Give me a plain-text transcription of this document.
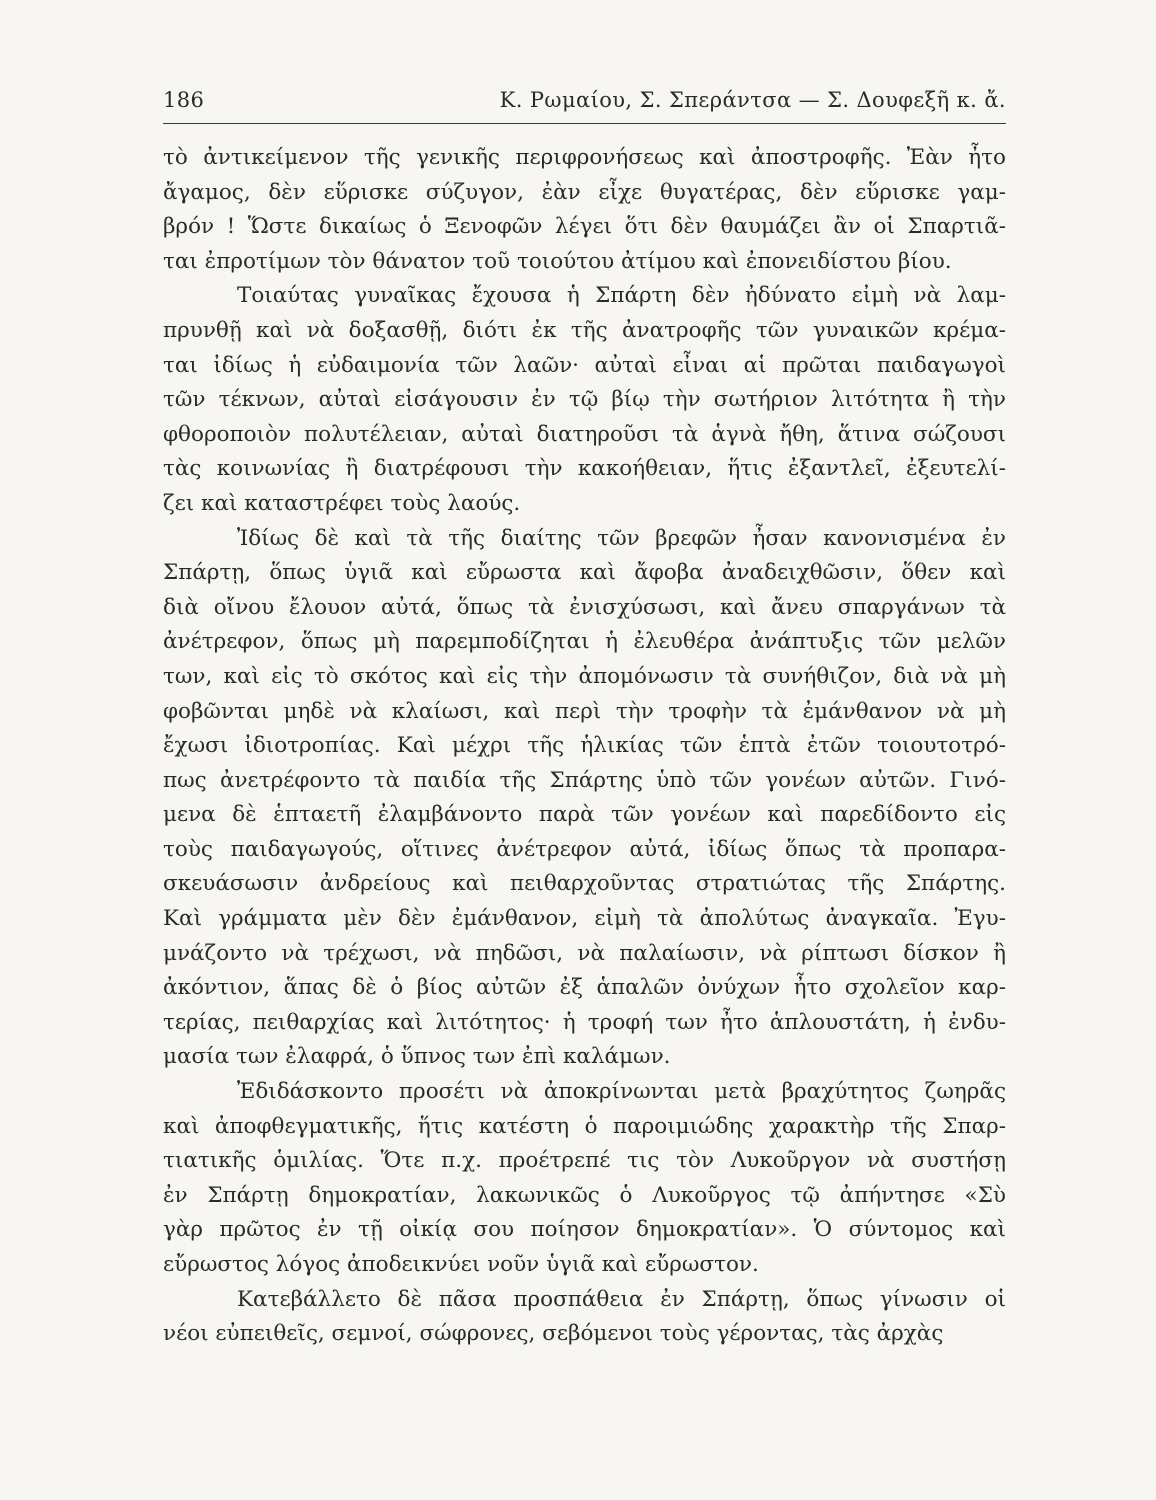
186	Κ. Ρωμαίου, Σ. Σπεράντσα — Σ. Δουφεξῆ κ. ἄ.
τὸ ἀντικείμενον τῆς γενικῆς περιφρονήσεως καὶ ἀποστροφῆς. Ἐὰν ἦτο
ἄγαμος, δὲν εὕρισκε σύζυγον, ἐὰν εἶχε θυγατέρας, δὲν εὕρισκε γαμ-
βρόν ! Ὥστε δικαίως ὁ Ξενοφῶν λέγει ὅτι δὲν θαυμάζει ἂν οἱ Σπαρτιᾶ-
ται ἐπροτίμων τὸν θάνατον τοῦ τοιούτου ἀτίμου καὶ ἐπονειδίστου βίου.
Τοιαύτας γυναῖκας ἔχουσα ἡ Σπάρτη δὲν ἠδύνατο εἰμὴ νὰ λαμ-
πρυνθῇ καὶ νὰ δοξασθῇ, διότι ἐκ τῆς ἀνατροφῆς τῶν γυναικῶν κρέμα-
ται ἰδίως ἡ εὐδαιμονία τῶν λαῶν· αὐταὶ εἶναι αἱ πρῶται παιδαγωγοὶ
τῶν τέκνων, αὐταὶ εἰσάγουσιν ἐν τῷ βίῳ τὴν σωτήριον λιτότητα ἢ τὴν
φθοροποιὸν πολυτέλειαν, αὐταὶ διατηροῦσι τὰ ἁγνὰ ἤθη, ἅτινα σώζουσι
τὰς κοινωνίας ἢ διατρέφουσι τὴν κακοήθειαν, ἥτις ἐξαντλεῖ, ἐξευτελί-
ζει καὶ καταστρέφει τοὺς λαούς.
Ἰδίως δὲ καὶ τὰ τῆς διαίτης τῶν βρεφῶν ἦσαν κανονισμένα ἐν
Σπάρτῃ, ὅπως ὑγιᾶ καὶ εὔρωστα καὶ ἄφοβα ἀναδειχθῶσιν, ὅθεν καὶ
διὰ οἴνου ἔλουον αὐτά, ὅπως τὰ ἐνισχύσωσι, καὶ ἄνευ σπαργάνων τὰ
ἀνέτρεφον, ὅπως μὴ παρεμποδίζηται ἡ ἐλευθέρα ἀνάπτυξις τῶν μελῶν
των, καὶ εἰς τὸ σκότος καὶ εἰς τὴν ἀπομόνωσιν τὰ συνήθιζον, διὰ νὰ μὴ
φοβῶνται μηδὲ νὰ κλαίωσι, καὶ περὶ τὴν τροφὴν τὰ ἐμάνθανον νὰ μὴ
ἔχωσι ἰδιοτροπίας. Καὶ μέχρι τῆς ἡλικίας τῶν ἑπτὰ ἐτῶν τοιουτοτρό-
πως ἀνετρέφοντο τὰ παιδία τῆς Σπάρτης ὑπὸ τῶν γονέων αὐτῶν. Γινό-
μενα δὲ ἑπταετῆ ἐλαμβάνοντο παρὰ τῶν γονέων καὶ παρεδίδοντο εἰς
τοὺς παιδαγωγούς, οἵτινες ἀνέτρεφον αὐτά, ἰδίως ὅπως τὰ προπαρα-
σκευάσωσιν ἀνδρείους καὶ πειθαρχοῦντας στρατιώτας τῆς Σπάρτης.
Καὶ γράμματα μὲν δὲν ἐμάνθανον, εἰμὴ τὰ ἀπολύτως ἀναγκαῖα. Ἐγυ-
μνάζοντο νὰ τρέχωσι, νὰ πηδῶσι, νὰ παλαίωσιν, νὰ ρίπτωσι δίσκον ἢ
ἀκόντιον, ἅπας δὲ ὁ βίος αὐτῶν ἐξ ἁπαλῶν ὀνύχων ἦτο σχολεῖον καρ-
τερίας, πειθαρχίας καὶ λιτότητος· ἡ τροφή των ἦτο ἁπλουστάτη, ἡ ἐνδυ-
μασία των ἐλαφρά, ὁ ὕπνος των ἐπὶ καλάμων.
Ἐδιδάσκοντο προσέτι νὰ ἀποκρίνωνται μετὰ βραχύτητος ζωηρᾶς
καὶ ἀποφθεγματικῆς, ἥτις κατέστη ὁ παροιμιώδης χαρακτὴρ τῆς Σπαρ-
τιατικῆς ὁμιλίας. Ὅτε π.χ. προέτρεπέ τις τὸν Λυκοῦργον νὰ συστήσῃ
ἐν Σπάρτῃ δημοκρατίαν, λακωνικῶς ὁ Λυκοῦργος τῷ ἀπήντησε «Σὺ
γὰρ πρῶτος ἐν τῇ οἰκίᾳ σου ποίησον δημοκρατίαν». Ὁ σύντομος καὶ
εὔρωστος λόγος ἀποδεικνύει νοῦν ὑγιᾶ καὶ εὔρωστον.
Κατεβάλλετο δὲ πᾶσα προσπάθεια ἐν Σπάρτῃ, ὅπως γίνωσιν οἱ
νέοι εὐπειθεῖς, σεμνοί, σώφρονες, σεβόμενοι τοὺς γέροντας, τὰς ἀρχὰς
